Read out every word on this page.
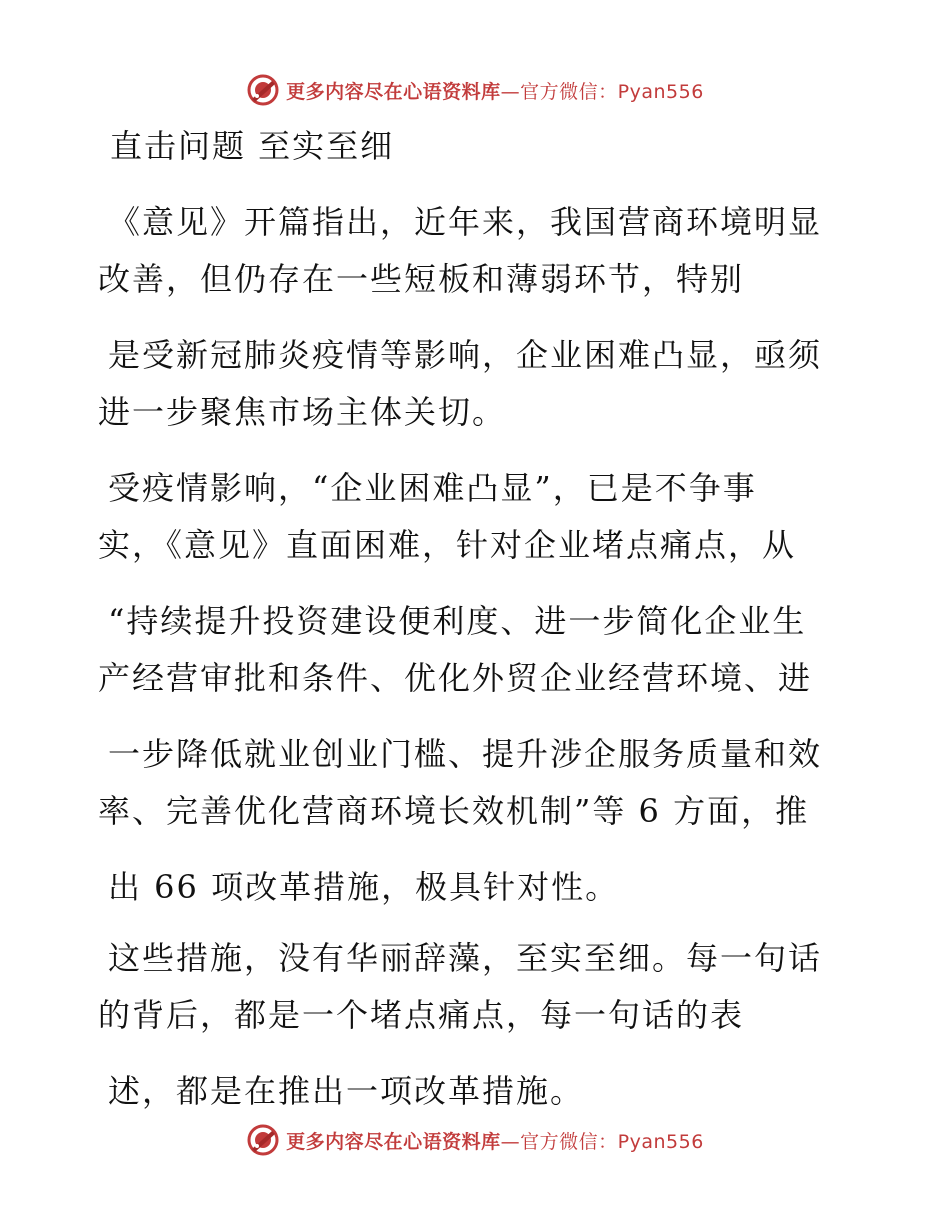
更多内容尽在心语资料库—官方微信：Pyan556
直击问题 至实至细
《意见》开篇指出，近年来，我国营商环境明显
改善，但仍存在一些短板和薄弱环节，特别
是受新冠肺炎疫情等影响，企业困难凸显，亟须
进一步聚焦市场主体关切。
受疫情影响，“企业困难凸显”，已是不争事
实，《意见》直面困难，针对企业堵点痛点，从
“持续提升投资建设便利度、进一步简化企业生
产经营审批和条件、优化外贸企业经营环境、进
一步降低就业创业门槛、提升涉企服务质量和效
率、完善优化营商环境长效机制”等 6 方面，推
出 66 项改革措施，极具针对性。
这些措施，没有华丽辞藻，至实至细。每一句话
的背后，都是一个堵点痛点，每一句话的表
述，都是在推出一项改革措施。
更多内容尽在心语资料库—官方微信：Pyan556
